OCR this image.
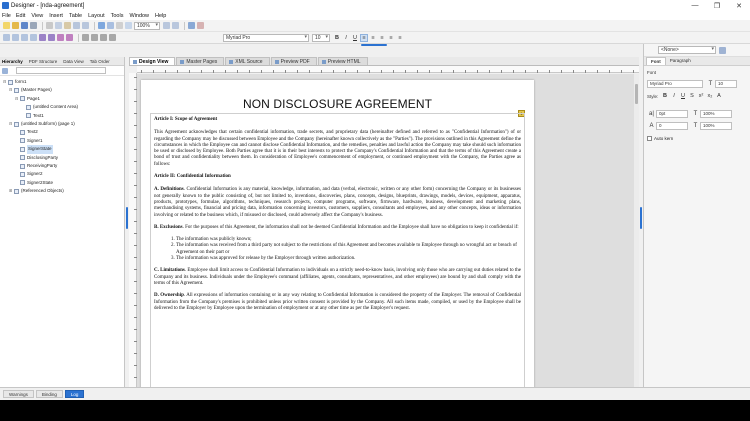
Designer - [nda-agreement]	—	❐	✕
File Edit View Insert Table Layout Tools Window Help
100% ▾
Myriad Pro ▾	10 ▾	B	I	U ≡	≡	≡	≡	≡
Hierarchy PDF Structure Data View Tab Order
⊟	form1
⊟	(Master Pages)
⊟	Page1
(untitled Content Area)
Text1
⊟	(untitled Subform) (page 1)
Text2
Signer1
SignerState
DisclosingParty
ReceivingParty
Signer2
Signer2State
⊞	(Referenced Objects)
Design View	Master Pages	XML Source	Preview PDF	Preview HTML
NON DISCLOSURE AGREEMENT
1
Article I: Scope of Agreement

This Agreement acknowledges that certain confidential information, trade secrets, and proprietary data (hereinafter defined and referred to as "Confidential Information") of or regarding the Company may be discussed between Employee and the Company (hereinafter known collectively as the "Parties"). The provisions outlined in this Agreement define the circumstances in which the Employee can and cannot disclose Confidential Information, and the remedies, penalties and lawful action the Company may take should such information be used or disclosed by Employee. Both Parties agree that it is in their best interests to protect the Company's Confidential Information and that the terms of this Agreement create a bond of trust and confidentiality between them. In consideration of Employee's commencement of employment, or continued employment with the Company, the Parties agree as follows:

Article II: Confidential Information

A. Definitions. Confidential Information is any material, knowledge, information, and data (verbal, electronic, written or any other form) concerning the Company or its businesses not generally known to the public consisting of, but not limited to, inventions, discoveries, plans, concepts, designs, blueprints, drawings, models, devices, equipment, apparatus, products, prototypes, formulae, algorithms, techniques, research projects, computer programs, software, firmware, hardware, business, development and marketing plans, merchandising systems, financial and pricing data, information concerning investors, customers, suppliers, consultants and employees, and any other concepts, ideas or information involving or related to the business which, if misused or disclosed, could adversely affect the Company's business.

B. Exclusions. For the purposes of this Agreement, the information shall not be deemed Confidential Information and the Employee shall have no obligation to keep it confidential if:

1. The information was publicly known;
2. The information was received from a third party not subject to the restrictions of this Agreement and becomes available to Employee through no wrongful act or breach of Agreement on their part or
3. The information was approved for release by the Employer through written authorization.

C. Limitations. Employee shall limit access to Confidential Information to individuals on a strictly need-to-know basis, involving only those who are carrying out duties related to the Company and its business. Individuals under the Employee's command (affiliates, agents, consultants, representatives, and other employees) are bound by and shall comply with the terms of this Agreement.

D. Ownership. All expressions of information containing or in any way relating to Confidential Information is considered the property of the Employer. The removal of Confidential Information from the Company's premises is prohibited unless prior written consent is provided by the Company. All such items made, compiled, or used by the Employee shall be delivered to the Employer by Employee upon the termination of employment or at any other time as per the Employer's request.

<None> ▾
Font	Paragraph
Font
Myriad Pro	T	10
Style: B	I	U S x² x₂ A
a|	0pt	T	100%
A	0	T	100%
Auto kern
Warnings	Binding	Log
